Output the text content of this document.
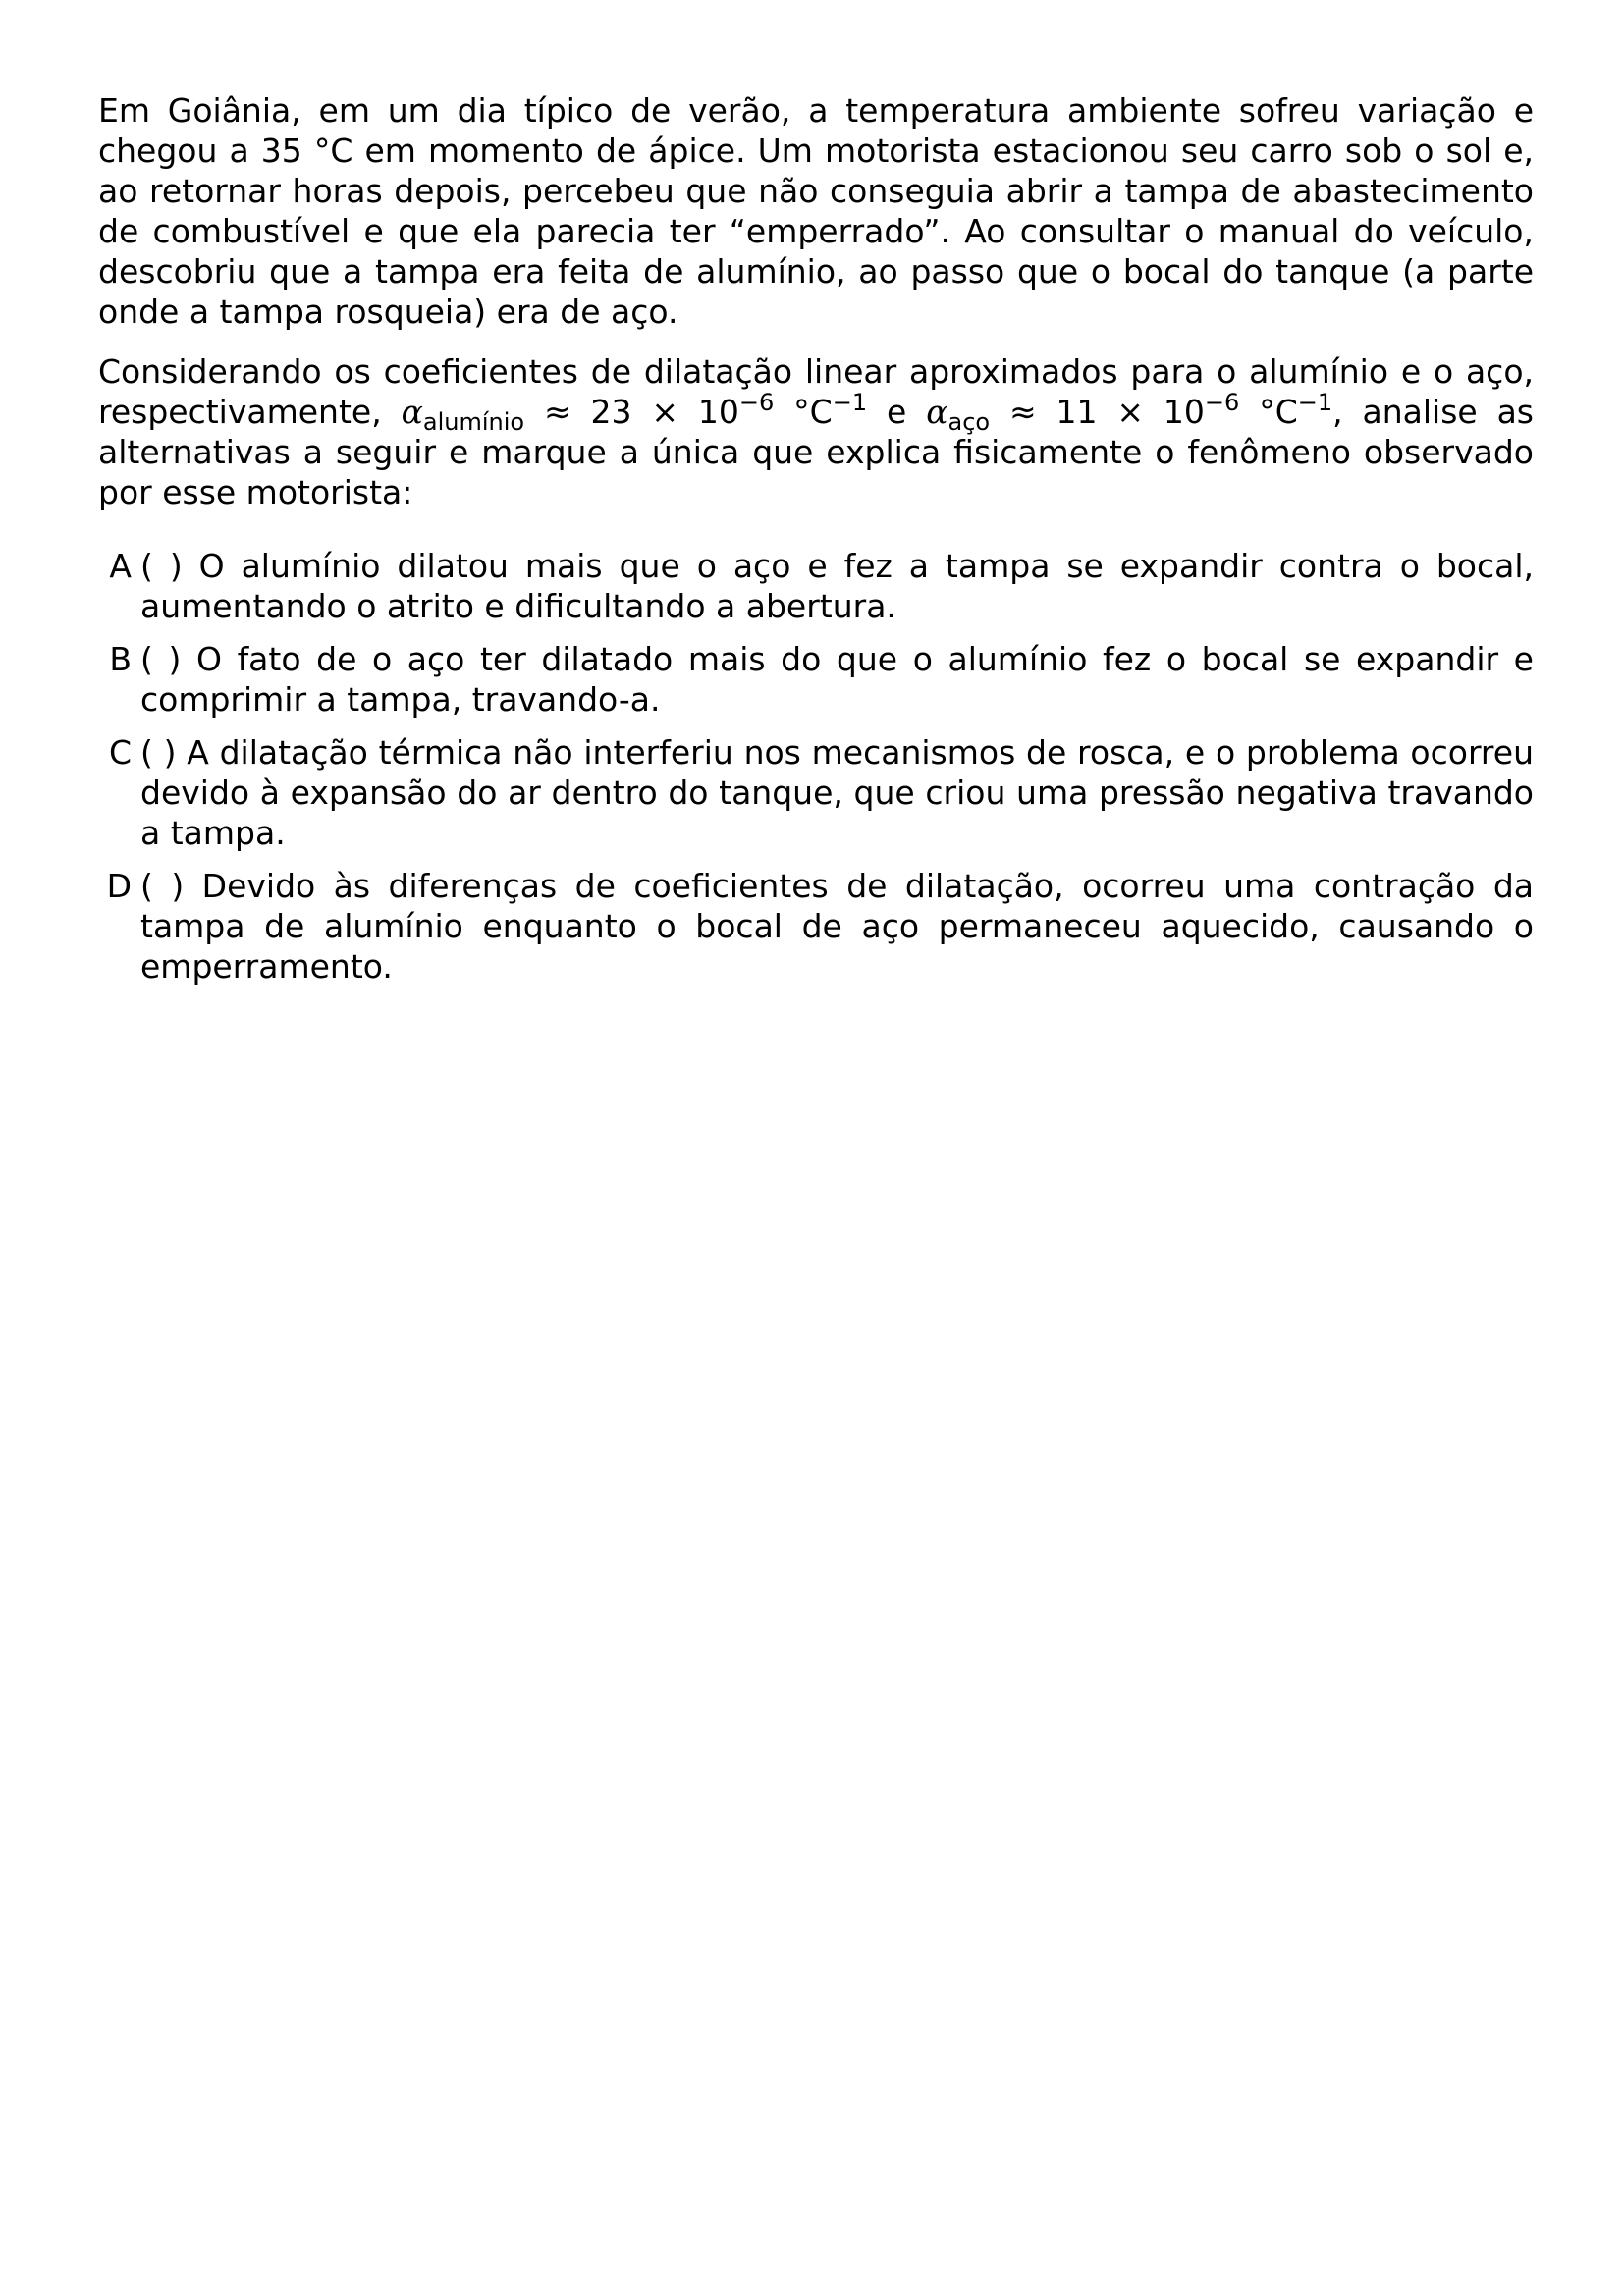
Em Goiânia, em um dia típico de verão, a temperatura ambiente sofreu variação e chegou a 35 °C em momento de ápice. Um motorista estacionou seu carro sob o sol e, ao retornar horas depois, percebeu que não conseguia abrir a tampa de abastecimento de combustível e que ela parecia ter “emperrado”. Ao consultar o manual do veículo, descobriu que a tampa era feita de alumínio, ao passo que o bocal do tanque (a parte onde a tampa rosqueia) era de aço.

Considerando os coeficientes de dilatação linear aproximados para o alumínio e o aço, respectivamente, $\alpha_{alumínio} \approx 23 \times 10^{-6}$ $^\circ C^{-1}$ e $\alpha_{aço} \approx 11 \times 10^{-6}$ $^\circ C^{-1}$, analise as alternativas a seguir e marque a única que explica fisicamente o fenômeno observado por esse motorista:

A ( ) O alumínio dilatou mais que o aço e fez a tampa se expandir contra o bocal, aumentando o atrito e dificultando a abertura.
B ( ) O fato de o aço ter dilatado mais do que o alumínio fez o bocal se expandir e comprimir a tampa, travando-a.
C ( ) A dilatação térmica não interferiu nos mecanismos de rosca, e o problema ocorreu devido à expansão do ar dentro do tanque, que criou uma pressão negativa travando a tampa.
D ( ) Devido às diferenças de coeficientes de dilatação, ocorreu uma contração da tampa de alumínio enquanto o bocal de aço permaneceu aquecido, causando o emperramento.
